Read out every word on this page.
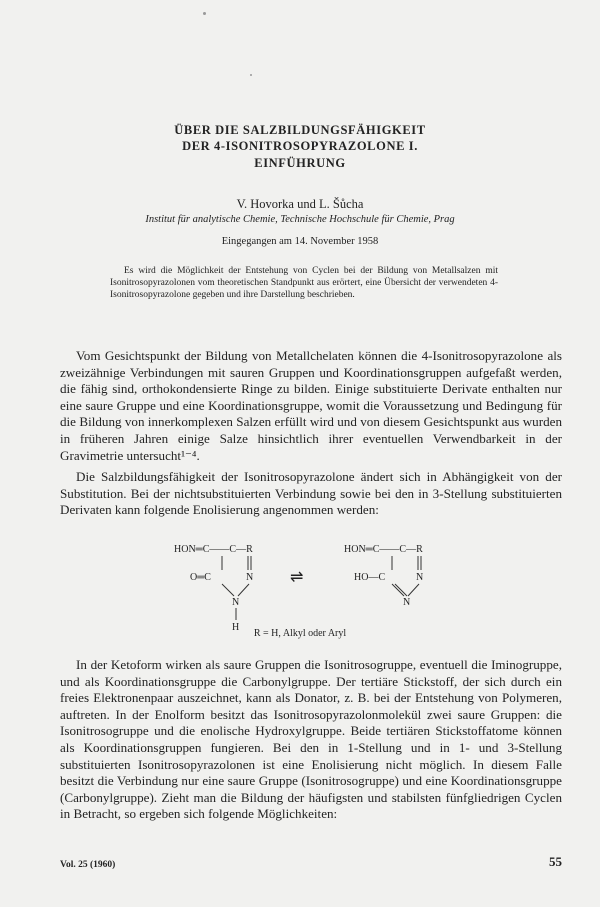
ÜBER DIE SALZBILDUNGSFÄHIGKEIT
DER 4-ISONITROSOPYRAZOLONE I.
EINFÜHRUNG
V. Hovorka und L. Šůcha
Institut für analytische Chemie, Technische Hochschule für Chemie, Prag
Eingegangen am 14. November 1958
Es wird die Möglichkeit der Entstehung von Cyclen bei der Bildung von Metallsalzen mit Isonitrosopyrazolonen vom theoretischen Standpunkt aus erörtert, eine Übersicht der verwendeten 4-Isonitrosopyrazolone gegeben und ihre Darstellung beschrieben.
Vom Gesichtspunkt der Bildung von Metallchelaten können die 4-Isonitrosopyrazolone als zweizähnige Verbindungen mit sauren Gruppen und Koordinationsgruppen aufgefaßt werden, die fähig sind, orthokondensierte Ringe zu bilden. Einige substituierte Derivate enthalten nur eine saure Gruppe und eine Koordinationsgruppe, womit die Voraussetzung und Bedingung für die Bildung von innerkomplexen Salzen erfüllt wird und von diesem Gesichtspunkt aus wurden in früheren Jahren einige Salze hinsichtlich ihrer eventuellen Verwendbarkeit in der Gravimetrie untersucht¹⁻⁴.
Die Salzbildungsfähigkeit der Isonitrosopyrazolone ändert sich in Abhängigkeit von der Substitution. Bei der nichtsubstituierten Verbindung sowie bei den in 3-Stellung substituierten Derivaten kann folgende Enolisierung angenommen werden:
HON═C——C—R
O═C	N
N
H
⇌
HON═C——C—R
HO—C	N
N
R = H, Alkyl oder Aryl
In der Ketoform wirken als saure Gruppen die Isonitrosogruppe, eventuell die Iminogruppe, und als Koordinationsgruppe die Carbonylgruppe. Der tertiäre Stickstoff, der sich durch ein freies Elektronenpaar auszeichnet, kann als Donator, z. B. bei der Entstehung von Polymeren, auftreten. In der Enolform besitzt das Isonitrosopyrazolonmolekül zwei saure Gruppen: die Isonitrosogruppe und die enolische Hydroxylgruppe. Beide tertiären Stickstoffatome können als Koordinationsgruppen fungieren. Bei den in 1-Stellung und in 1- und 3-Stellung substituierten Isonitrosopyrazolonen ist eine Enolisierung nicht möglich. In diesem Falle besitzt die Verbindung nur eine saure Gruppe (Isonitrosogruppe) und eine Koordinationsgruppe (Carbonylgruppe). Zieht man die Bildung der häufigsten und stabilsten fünfgliedrigen Cyclen in Betracht, so ergeben sich folgende Möglichkeiten:
Vol. 25 (1960)	55
